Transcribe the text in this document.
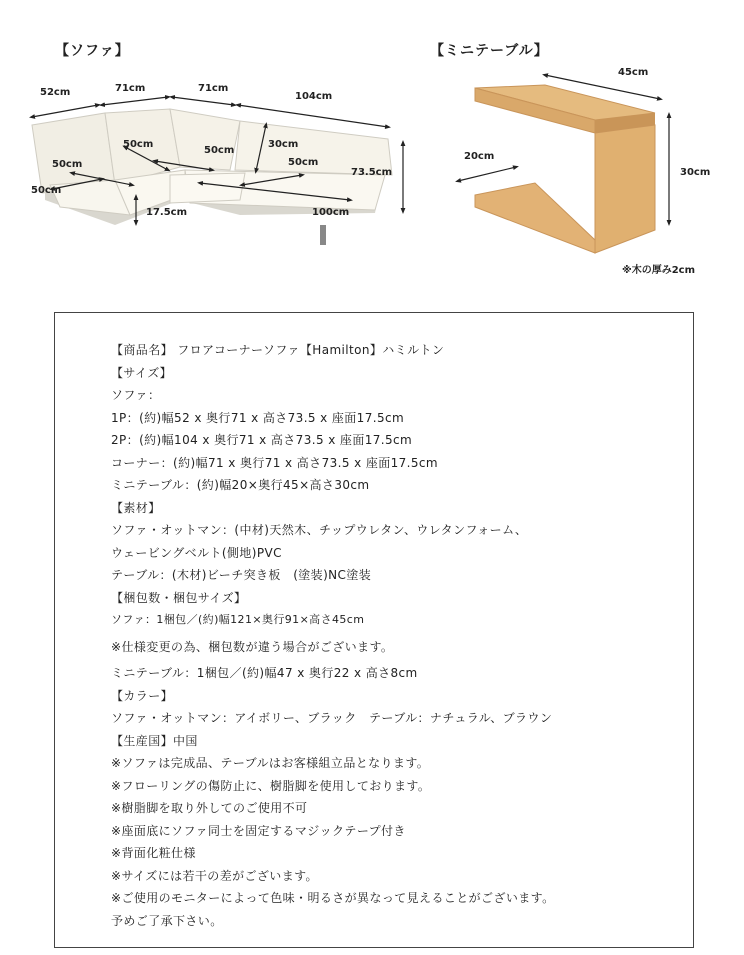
【ソファ】	【ミニテーブル】
52cm	71cm	71cm
104cm
50cm
50cm
30cm
50cm
50cm
50cm
17.5cm	100cm
73.5cm
45cm
20cm
30cm
※木の厚み2cm
【商品名】 フロアコーナーソファ【Hamilton】ハミルトン
【サイズ】
ソファ：
1P：(約)幅52 x 奥行71 x 高さ73.5 x 座面17.5cm
2P：(約)幅104 x 奥行71 x 高さ73.5 x 座面17.5cm
コーナー：(約)幅71 x 奥行71 x 高さ73.5 x 座面17.5cm
ミニテーブル：(約)幅20×奥行45×高さ30cm
【素材】
ソファ・オットマン：(中材)天然木、チップウレタン、ウレタンフォーム、
ウェービングベルト(側地)PVC
テーブル：(木材)ビーチ突き板　(塗装)NC塗装
【梱包数・梱包サイズ】
ソファ：1梱包／(約)幅121×奥行91×高さ45cm
※仕様変更の為、梱包数が違う場合がございます。
ミニテーブル：1梱包／(約)幅47 x 奥行22 x 高さ8cm
【カラー】
ソファ・オットマン：アイボリー、ブラック　テーブル：ナチュラル、ブラウン
【生産国】中国
※ソファは完成品、テーブルはお客様組立品となります。
※フローリングの傷防止に、樹脂脚を使用しております。
※樹脂脚を取り外してのご使用不可
※座面底にソファ同士を固定するマジックテープ付き
※背面化粧仕様
※サイズには若干の差がございます。
※ご使用のモニターによって色味・明るさが異なって見えることがございます。
予めご了承下さい。
